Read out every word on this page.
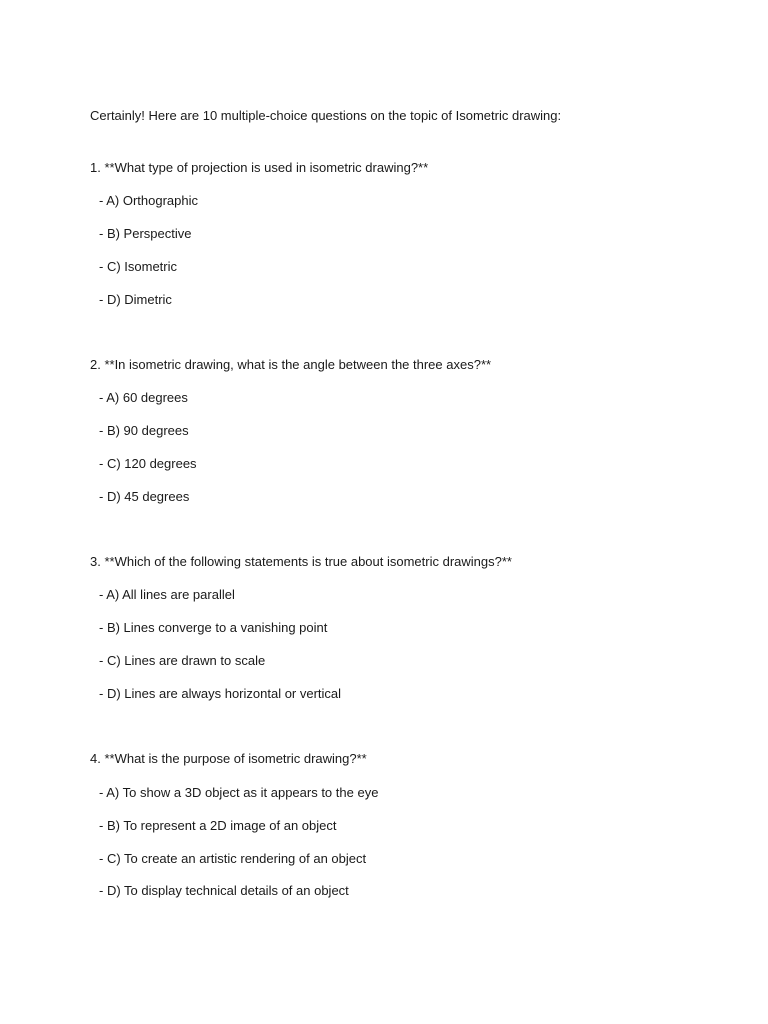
Certainly! Here are 10 multiple-choice questions on the topic of Isometric drawing:

1. **What type of projection is used in isometric drawing?**

- A) Orthographic

- B) Perspective

- C) Isometric

- D) Dimetric

2. **In isometric drawing, what is the angle between the three axes?**

- A) 60 degrees

- B) 90 degrees

- C) 120 degrees

- D) 45 degrees

3. **Which of the following statements is true about isometric drawings?**

- A) All lines are parallel

- B) Lines converge to a vanishing point

- C) Lines are drawn to scale

- D) Lines are always horizontal or vertical

4. **What is the purpose of isometric drawing?**

- A) To show a 3D object as it appears to the eye

- B) To represent a 2D image of an object

- C) To create an artistic rendering of an object

- D) To display technical details of an object
